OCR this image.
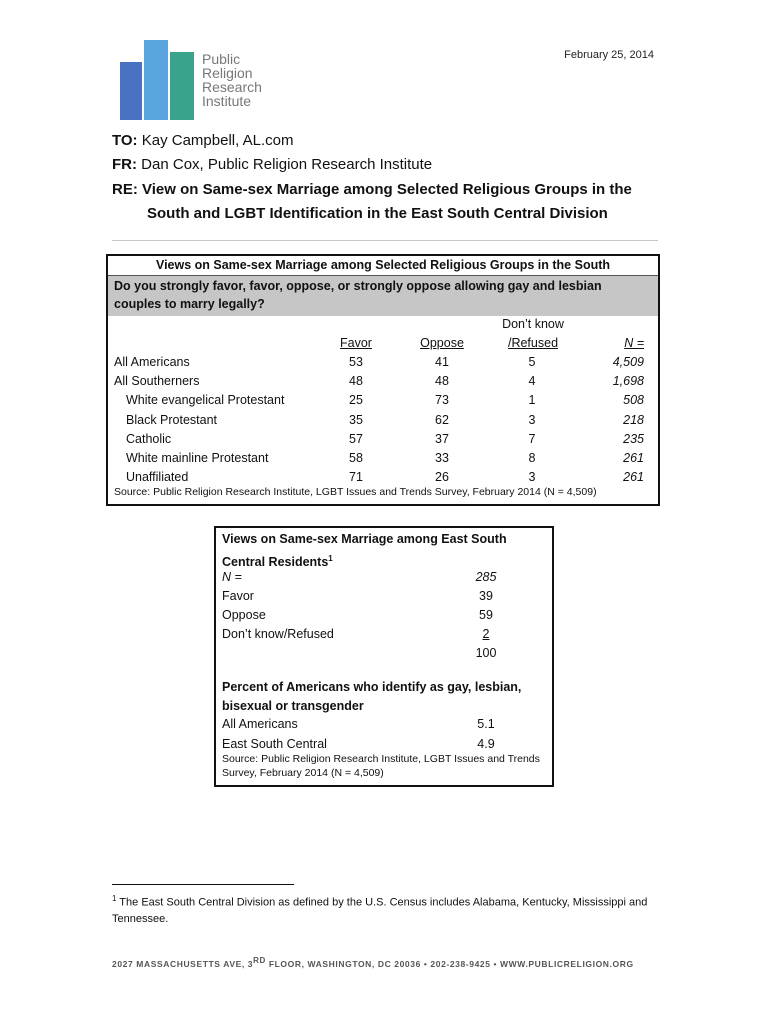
Public
Religion
Research
Institute
February 25, 2014
TO: Kay Campbell, AL.com
FR: Dan Cox, Public Religion Research Institute
RE: View on Same-sex Marriage among Selected Religious Groups in the
South and LGBT Identification in the East South Central Division
Views on Same-sex Marriage among Selected Religious Groups in the South
Do you strongly favor, favor, oppose, or strongly oppose allowing gay and lesbian couples to marry legally?

Favor	Oppose
Don’t know
/Refused	N =
All Americans	53	41	5	4,509
All Southerners	48	48	4	1,698
White evangelical Protestant	25	73	1	508
Black Protestant	35	62	3	218
Catholic	57	37	7	235
White mainline Protestant	58	33	8	261
Unaffiliated	71	26	3	261
Source: Public Religion Research Institute, LGBT Issues and Trends Survey, February 2014 (N = 4,509)
Views on Same-sex Marriage among East South
Central Residents$^1$
N =	285
Favor	39
Oppose	59
Don’t know/Refused	2
100
Percent of Americans who identify as gay, lesbian,
bisexual or transgender
All Americans	5.1
East South Central	4.9
Source: Public Religion Research Institute, LGBT Issues and Trends Survey, February 2014 (N = 4,509)
$^1$ The East South Central Division as defined by the U.S. Census includes Alabama, Kentucky, Mississippi and Tennessee.
2027 MASSACHUSETTS AVE, 3RD FLOOR, WASHINGTON, DC 20036 • 202-238-9425 • WWW.PUBLICRELIGION.ORG
